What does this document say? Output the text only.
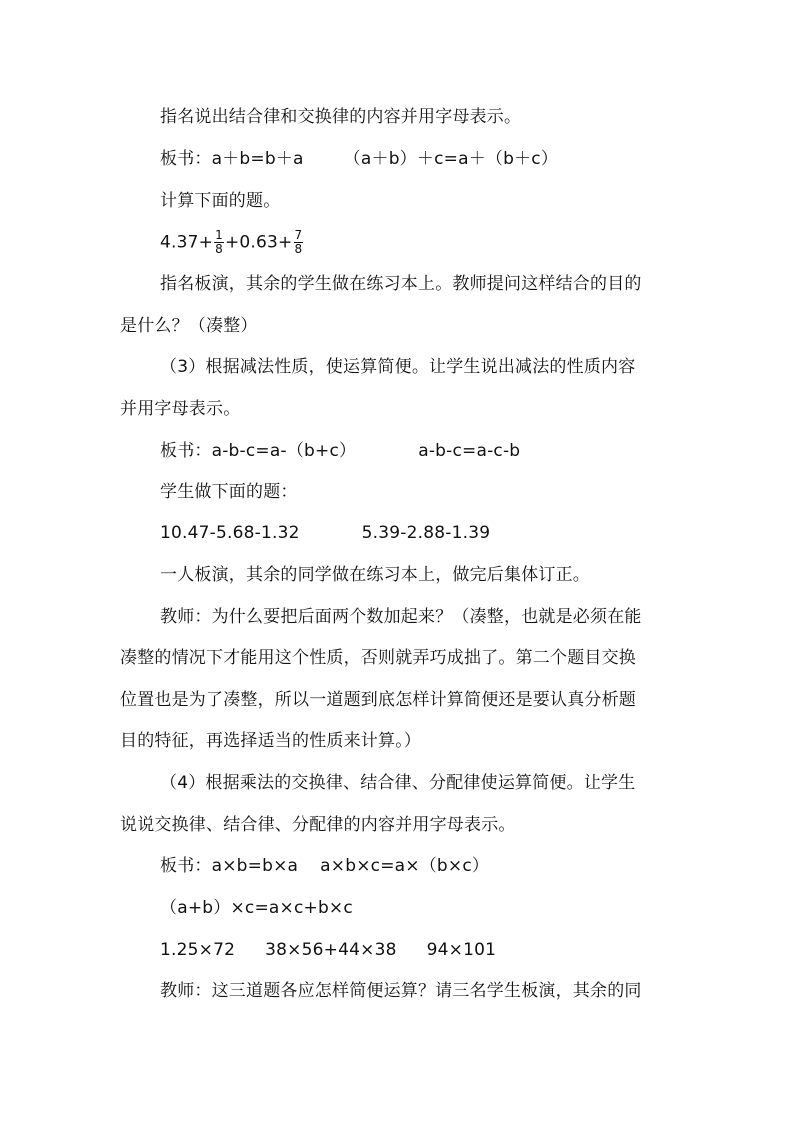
指名说出结合律和交换律的内容并用字母表示。
板书：a＋b=b＋a （a＋b）＋c=a＋（b＋c）
计算下面的题。
$4.37+ \frac{1}{8} +0.63+ \frac{7}{8}$
指名板演，其余的学生做在练习本上。教师提问这样结合的目的
是什么？（凑整）
（3）根据减法性质，使运算简便。让学生说出减法的性质内容
并用字母表示。
板书：a-b-c=a-（b+c）	a-b-c=a-c-b
学生做下面的题：
10.47-5.68-1.32	5.39-2.88-1.39
一人板演，其余的同学做在练习本上，做完后集体订正。
教师：为什么要把后面两个数加起来？（凑整，也就是必须在能
凑整的情况下才能用这个性质，否则就弄巧成拙了。第二个题目交换
位置也是为了凑整，所以一道题到底怎样计算简便还是要认真分析题
目的特征，再选择适当的性质来计算。）
（4）根据乘法的交换律、结合律、分配律使运算简便。让学生
说说交换律、结合律、分配律的内容并用字母表示。
板书：a×b=b×a a×b×c=a×（b×c）
（a+b）×c=a×c+b×c
1.25×72 38×56+44×38 94×101
教师：这三道题各应怎样简便运算？请三名学生板演，其余的同
